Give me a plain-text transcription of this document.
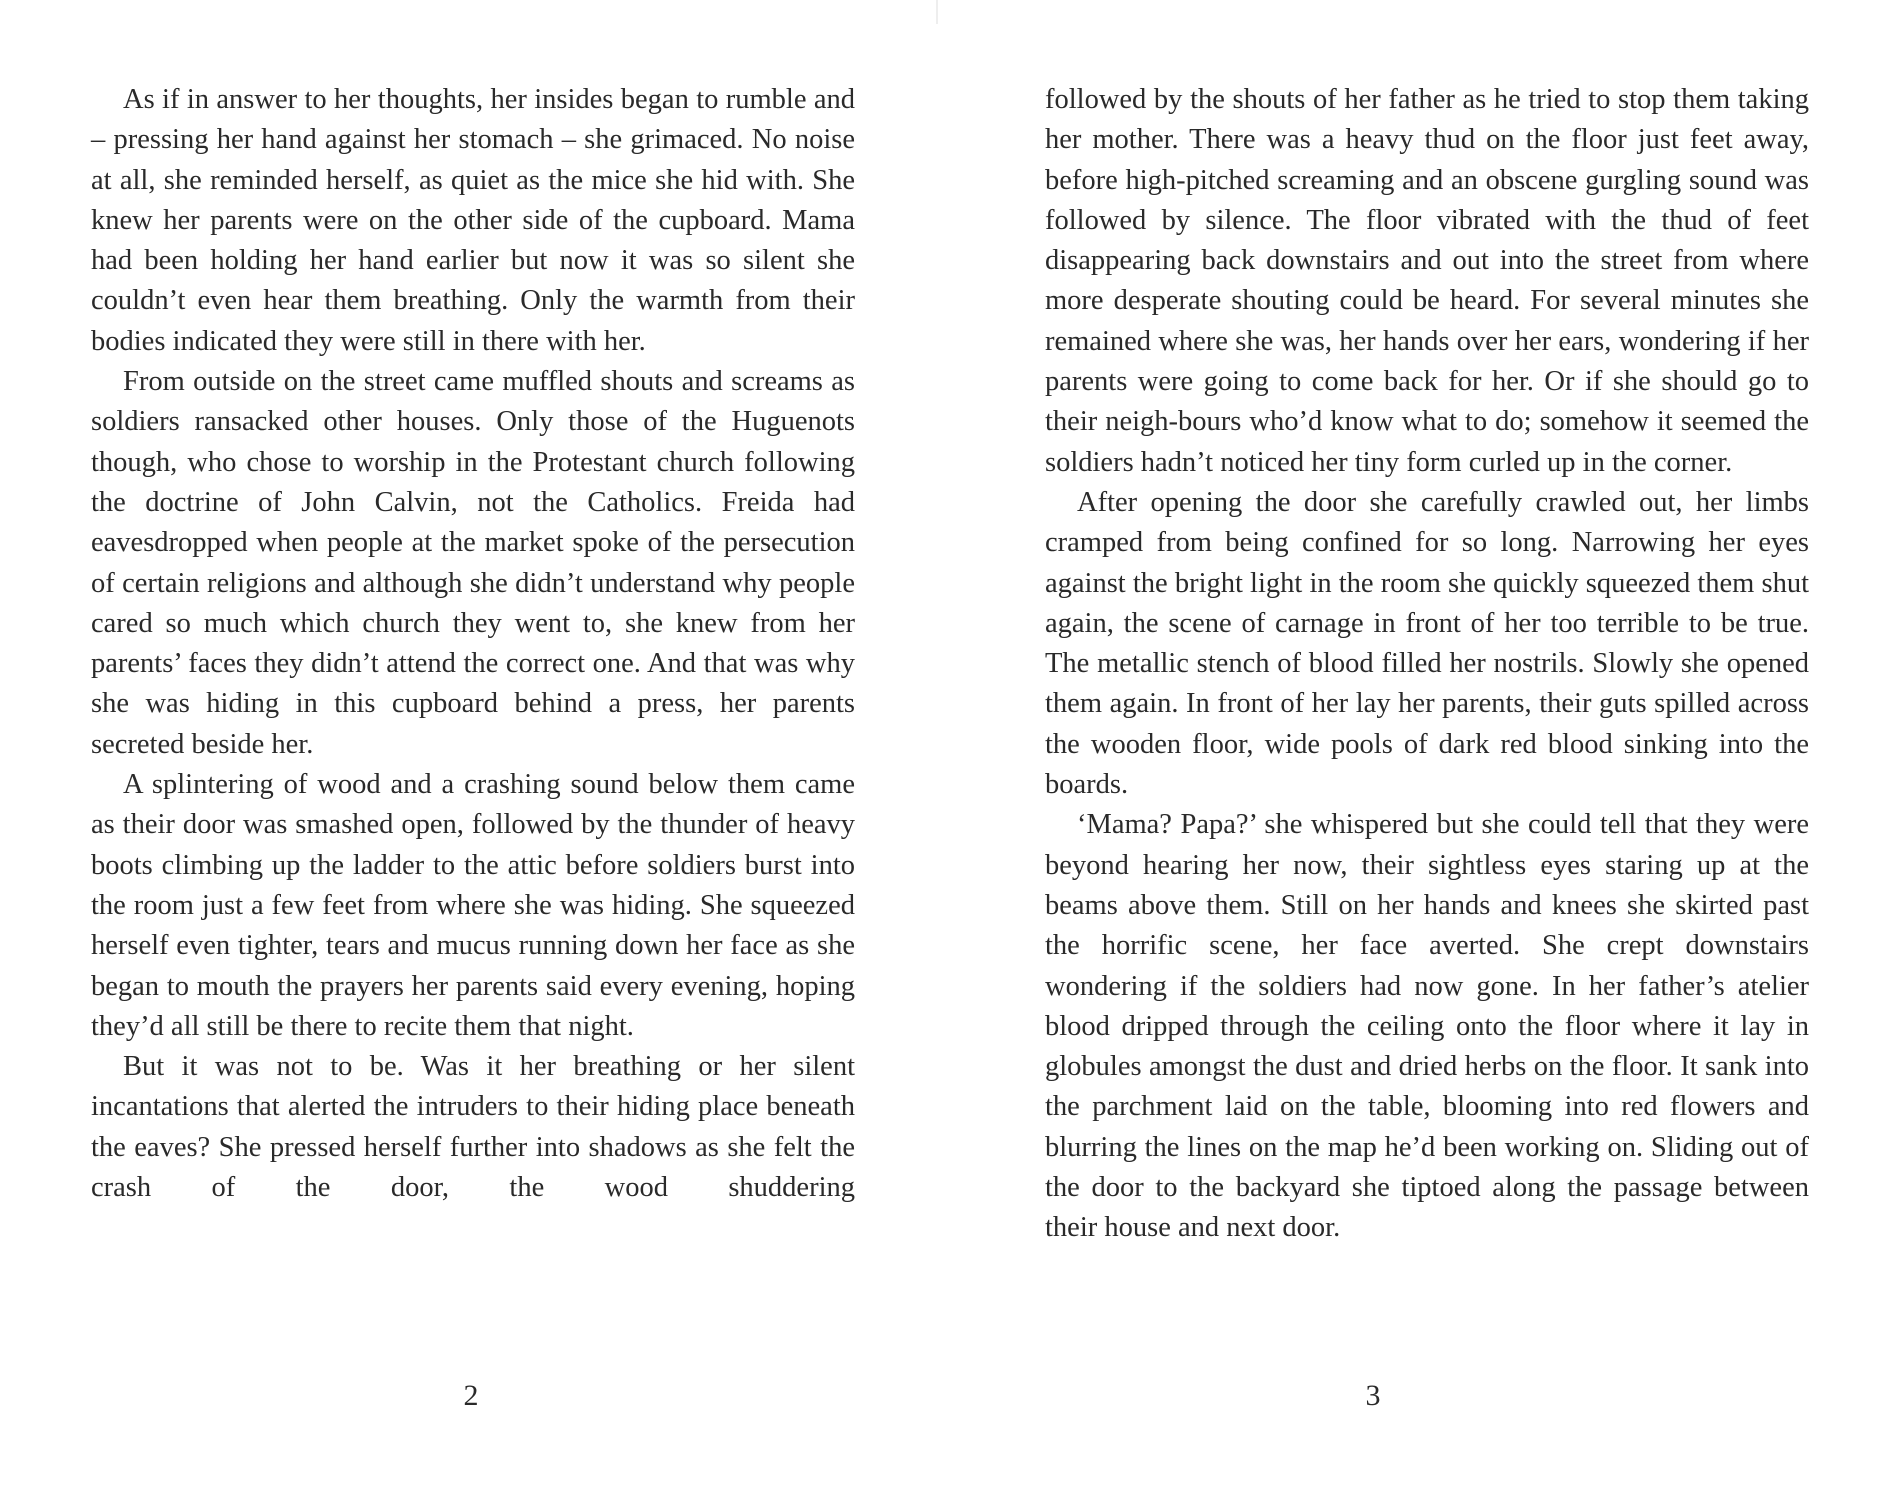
As if in answer to her thoughts, her insides began to rumble and – pressing her hand against her stomach – she grimaced. No noise at all, she reminded herself, as quiet as the mice she hid with. She knew her parents were on the other side of the cupboard. Mama had been holding her hand earlier but now it was so silent she couldn’t even hear them breathing. Only the warmth from their bodies indicated they were still in there with her.

From outside on the street came muffled shouts and screams as soldiers ransacked other houses. Only those of the Huguenots though, who chose to worship in the Protestant church following the doctrine of John Calvin, not the Catholics. Freida had eavesdropped when people at the market spoke of the persecution of certain religions and although she didn’t understand why people cared so much which church they went to, she knew from her parents’ faces they didn’t attend the correct one. And that was why she was hiding in this cupboard behind a press, her parents secreted beside her.

A splintering of wood and a crashing sound below them came as their door was smashed open, followed by the thunder of heavy boots climbing up the ladder to the attic before soldiers burst into the room just a few feet from where she was hiding. She squeezed herself even tighter, tears and mucus running down her face as she began to mouth the prayers her parents said every evening, hoping they’d all still be there to recite them that night.

But it was not to be. Was it her breathing or her silent incantations that alerted the intruders to their hiding place beneath the eaves? She pressed herself further into shadows as she felt the crash of the door, the wood shuddering

2

followed by the shouts of her father as he tried to stop them taking her mother. There was a heavy thud on the floor just feet away, before high-pitched screaming and an obscene gurgling sound was followed by silence. The floor vibrated with the thud of feet disappearing back downstairs and out into the street from where more desperate shouting could be heard. For several minutes she remained where she was, her hands over her ears, wondering if her parents were going to come back for her. Or if she should go to their neigh-bours who’d know what to do; somehow it seemed the soldiers hadn’t noticed her tiny form curled up in the corner.

After opening the door she carefully crawled out, her limbs cramped from being confined for so long. Narrowing her eyes against the bright light in the room she quickly squeezed them shut again, the scene of carnage in front of her too terrible to be true. The metallic stench of blood filled her nostrils. Slowly she opened them again. In front of her lay her parents, their guts spilled across the wooden floor, wide pools of dark red blood sinking into the boards.

‘Mama? Papa?’ she whispered but she could tell that they were beyond hearing her now, their sightless eyes staring up at the beams above them. Still on her hands and knees she skirted past the horrific scene, her face averted. She crept downstairs wondering if the soldiers had now gone. In her father’s atelier blood dripped through the ceiling onto the floor where it lay in globules amongst the dust and dried herbs on the floor. It sank into the parchment laid on the table, blooming into red flowers and blurring the lines on the map he’d been working on. Sliding out of the door to the backyard she tiptoed along the passage between their house and next door.

3
